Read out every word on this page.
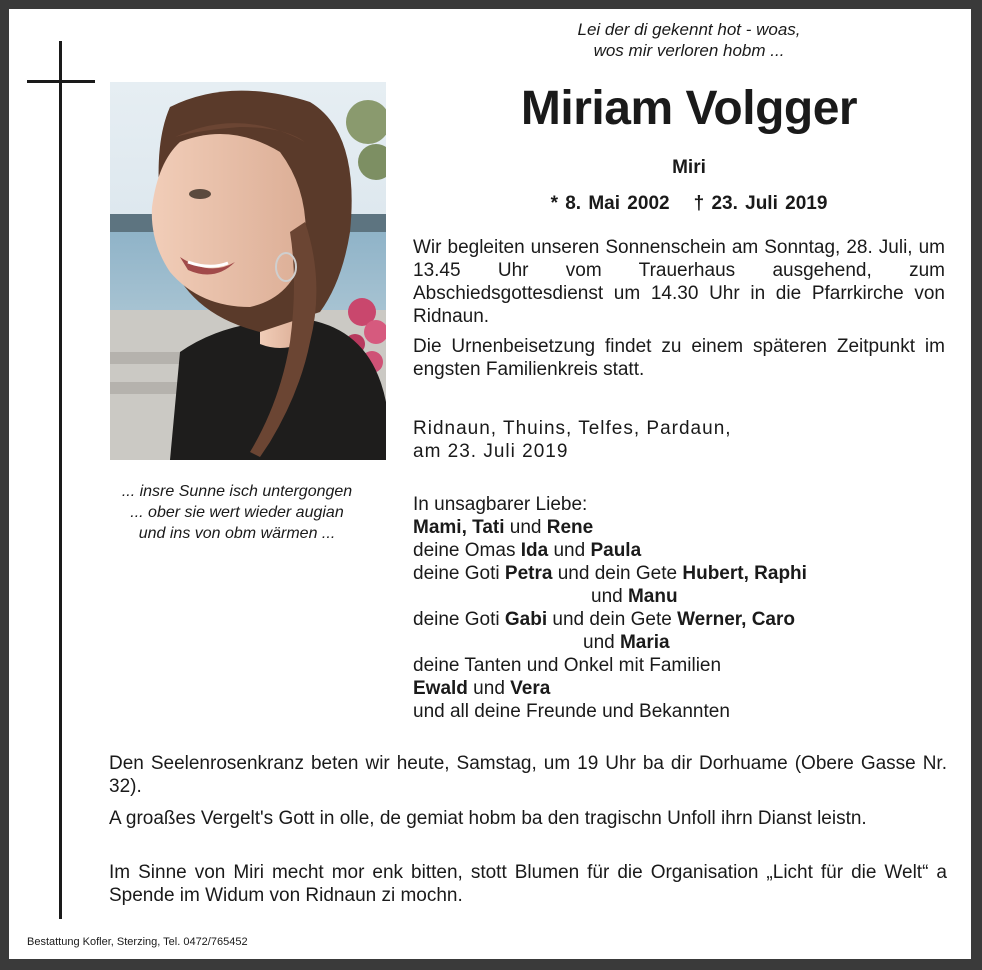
Lei der di gekennt hot - woas,
wos mir verloren hobm ...
Miriam Volgger
Miri
* 8. Mai 2002 † 23. Juli 2019
... insre Sunne isch untergongen
... ober sie wert wieder augian
und ins von obm wärmen ...
Wir begleiten unseren Sonnenschein am Sonntag, 28. Juli, um 13.45 Uhr vom Trauerhaus ausgehend, zum Abschiedsgottesdienst um 14.30 Uhr in die Pfarrkirche von Ridnaun.
Die Urnenbeisetzung findet zu einem späteren Zeitpunkt im engsten Familienkreis statt.
Ridnaun, Thuins, Telfes, Pardaun,
am 23. Juli 2019
In unsagbarer Liebe:
Mami, Tati und Rene
deine Omas Ida und Paula
deine Goti Petra und dein Gete Hubert, Raphi
und Manu
deine Goti Gabi und dein Gete Werner, Caro
und Maria
deine Tanten und Onkel mit Familien
Ewald und Vera
und all deine Freunde und Bekannten
Den Seelenrosenkranz beten wir heute, Samstag, um 19 Uhr ba dir Dorhuame (Obere Gasse Nr. 32).
A groaßes Vergelt's Gott in olle, de gemiat hobm ba den tragischn Unfoll ihrn Dianst leistn.
Im Sinne von Miri mecht mor enk bitten, stott Blumen für die Organisation „Licht für die Welt“ a Spende im Widum von Ridnaun zi mochn.
Bestattung Kofler, Sterzing, Tel. 0472/765452
